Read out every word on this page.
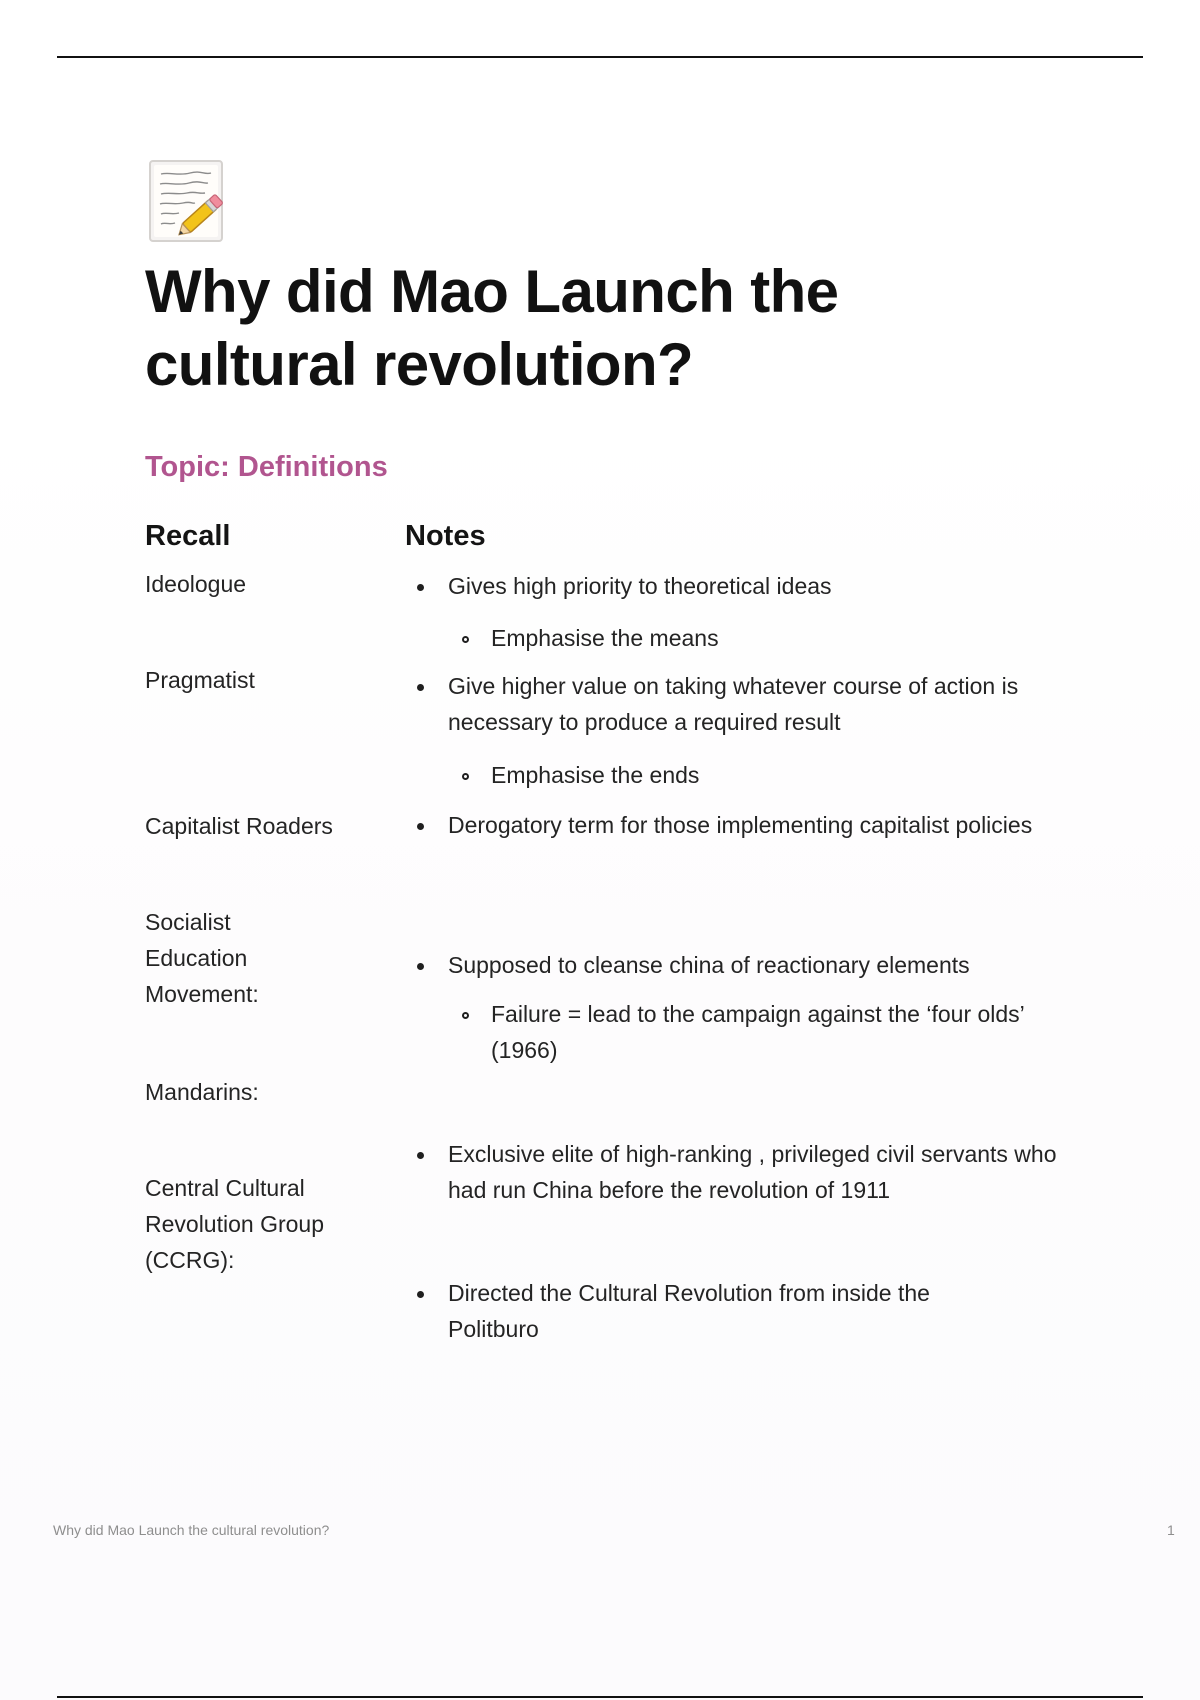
Why did Mao Launch the cultural revolution?
Topic: Definitions
Recall	Notes
Ideologue
Pragmatist
Capitalist Roaders
Socialist Education Movement:
Mandarins:
Central Cultural Revolution Group (CCRG):
Gives high priority to theoretical ideas
Emphasise the means
Give higher value on taking whatever course of action is necessary to produce a required result
Emphasise the ends
Derogatory term for those implementing capitalist policies
Supposed to cleanse china of reactionary elements
Failure = lead to the campaign against the ‘four olds’ (1966)
Exclusive elite of high-ranking , privileged civil servants who had run China before the revolution of 1911
Directed the Cultural Revolution from inside the Politburo
Why did Mao Launch the cultural revolution?	1
